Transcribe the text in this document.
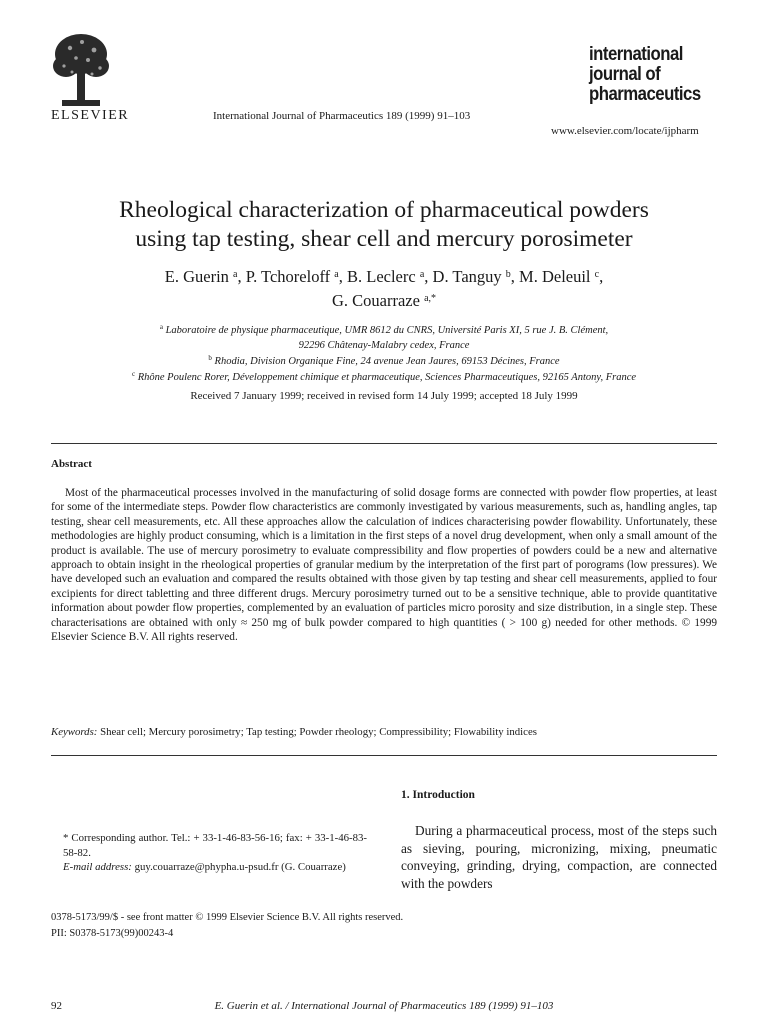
ELSEVIER	International Journal of Pharmaceutics 189 (1999) 91–103
international
journal of
pharmaceutics
www.elsevier.com/locate/ijpharm
Rheological characterization of pharmaceutical powders
using tap testing, shear cell and mercury porosimeter
E. Guerin $^a$, P. Tchoreloff $^a$, B. Leclerc $^a$, D. Tanguy $^b$, M. Deleuil $^c$,
G. Couarraze $^{a,*}$
$^a$ Laboratoire de physique pharmaceutique, UMR 8612 du CNRS, Université Paris XI, 5 rue J. B. Clément,
92296 Châtenay-Malabry cedex, France
$^b$ Rhodia, Division Organique Fine, 24 avenue Jean Jaures, 69153 Décines, France
$^c$ Rhône Poulenc Rorer, Développement chimique et pharmaceutique, Sciences Pharmaceutiques, 92165 Antony, France
Received 7 January 1999; received in revised form 14 July 1999; accepted 18 July 1999
Abstract
Most of the pharmaceutical processes involved in the manufacturing of solid dosage forms are connected with powder flow properties, at least for some of the intermediate steps. Powder flow characteristics are commonly investigated by various measurements, such as, handling angles, tap testing, shear cell measurements, etc. All these approaches allow the calculation of indices characterising powder flowability. Unfortunately, these methodologies are highly product consuming, which is a limitation in the first steps of a novel drug development, when only a small amount of the product is available. The use of mercury porosimetry to evaluate compressibility and flow properties of powders could be a new and alternative approach to obtain insight in the rheological properties of granular medium by the interpretation of the first part of porograms (low pressures). We have developed such an evaluation and compared the results obtained with those given by tap testing and shear cell measurements, applied to four excipients for direct tabletting and three different drugs. Mercury porosimetry turned out to be a sensitive technique, able to provide quantitative information about powder flow properties, complemented by an evaluation of particles micro porosity and size distribution, in a single step. These characterisations are obtained with only ≈ 250 mg of bulk powder compared to high quantities ( > 100 g) needed for other methods. © 1999 Elsevier Science B.V. All rights reserved.
Keywords: Shear cell; Mercury porosimetry; Tap testing; Powder rheology; Compressibility; Flowability indices
1. Introduction
During a pharmaceutical process, most of the steps such as sieving, pouring, micronizing, mixing, pneumatic conveying, grinding, drying, compaction, are connected with the powders
* Corresponding author. Tel.: + 33-1-46-83-56-16; fax: + 33-1-46-83-58-82.
E-mail address: guy.couarraze@phypha.u-psud.fr (G. Couarraze)
0378-5173/99/$ - see front matter © 1999 Elsevier Science B.V. All rights reserved.
PII: S0378-5173(99)00243-4
92	E. Guerin et al. / International Journal of Pharmaceutics 189 (1999) 91–103
